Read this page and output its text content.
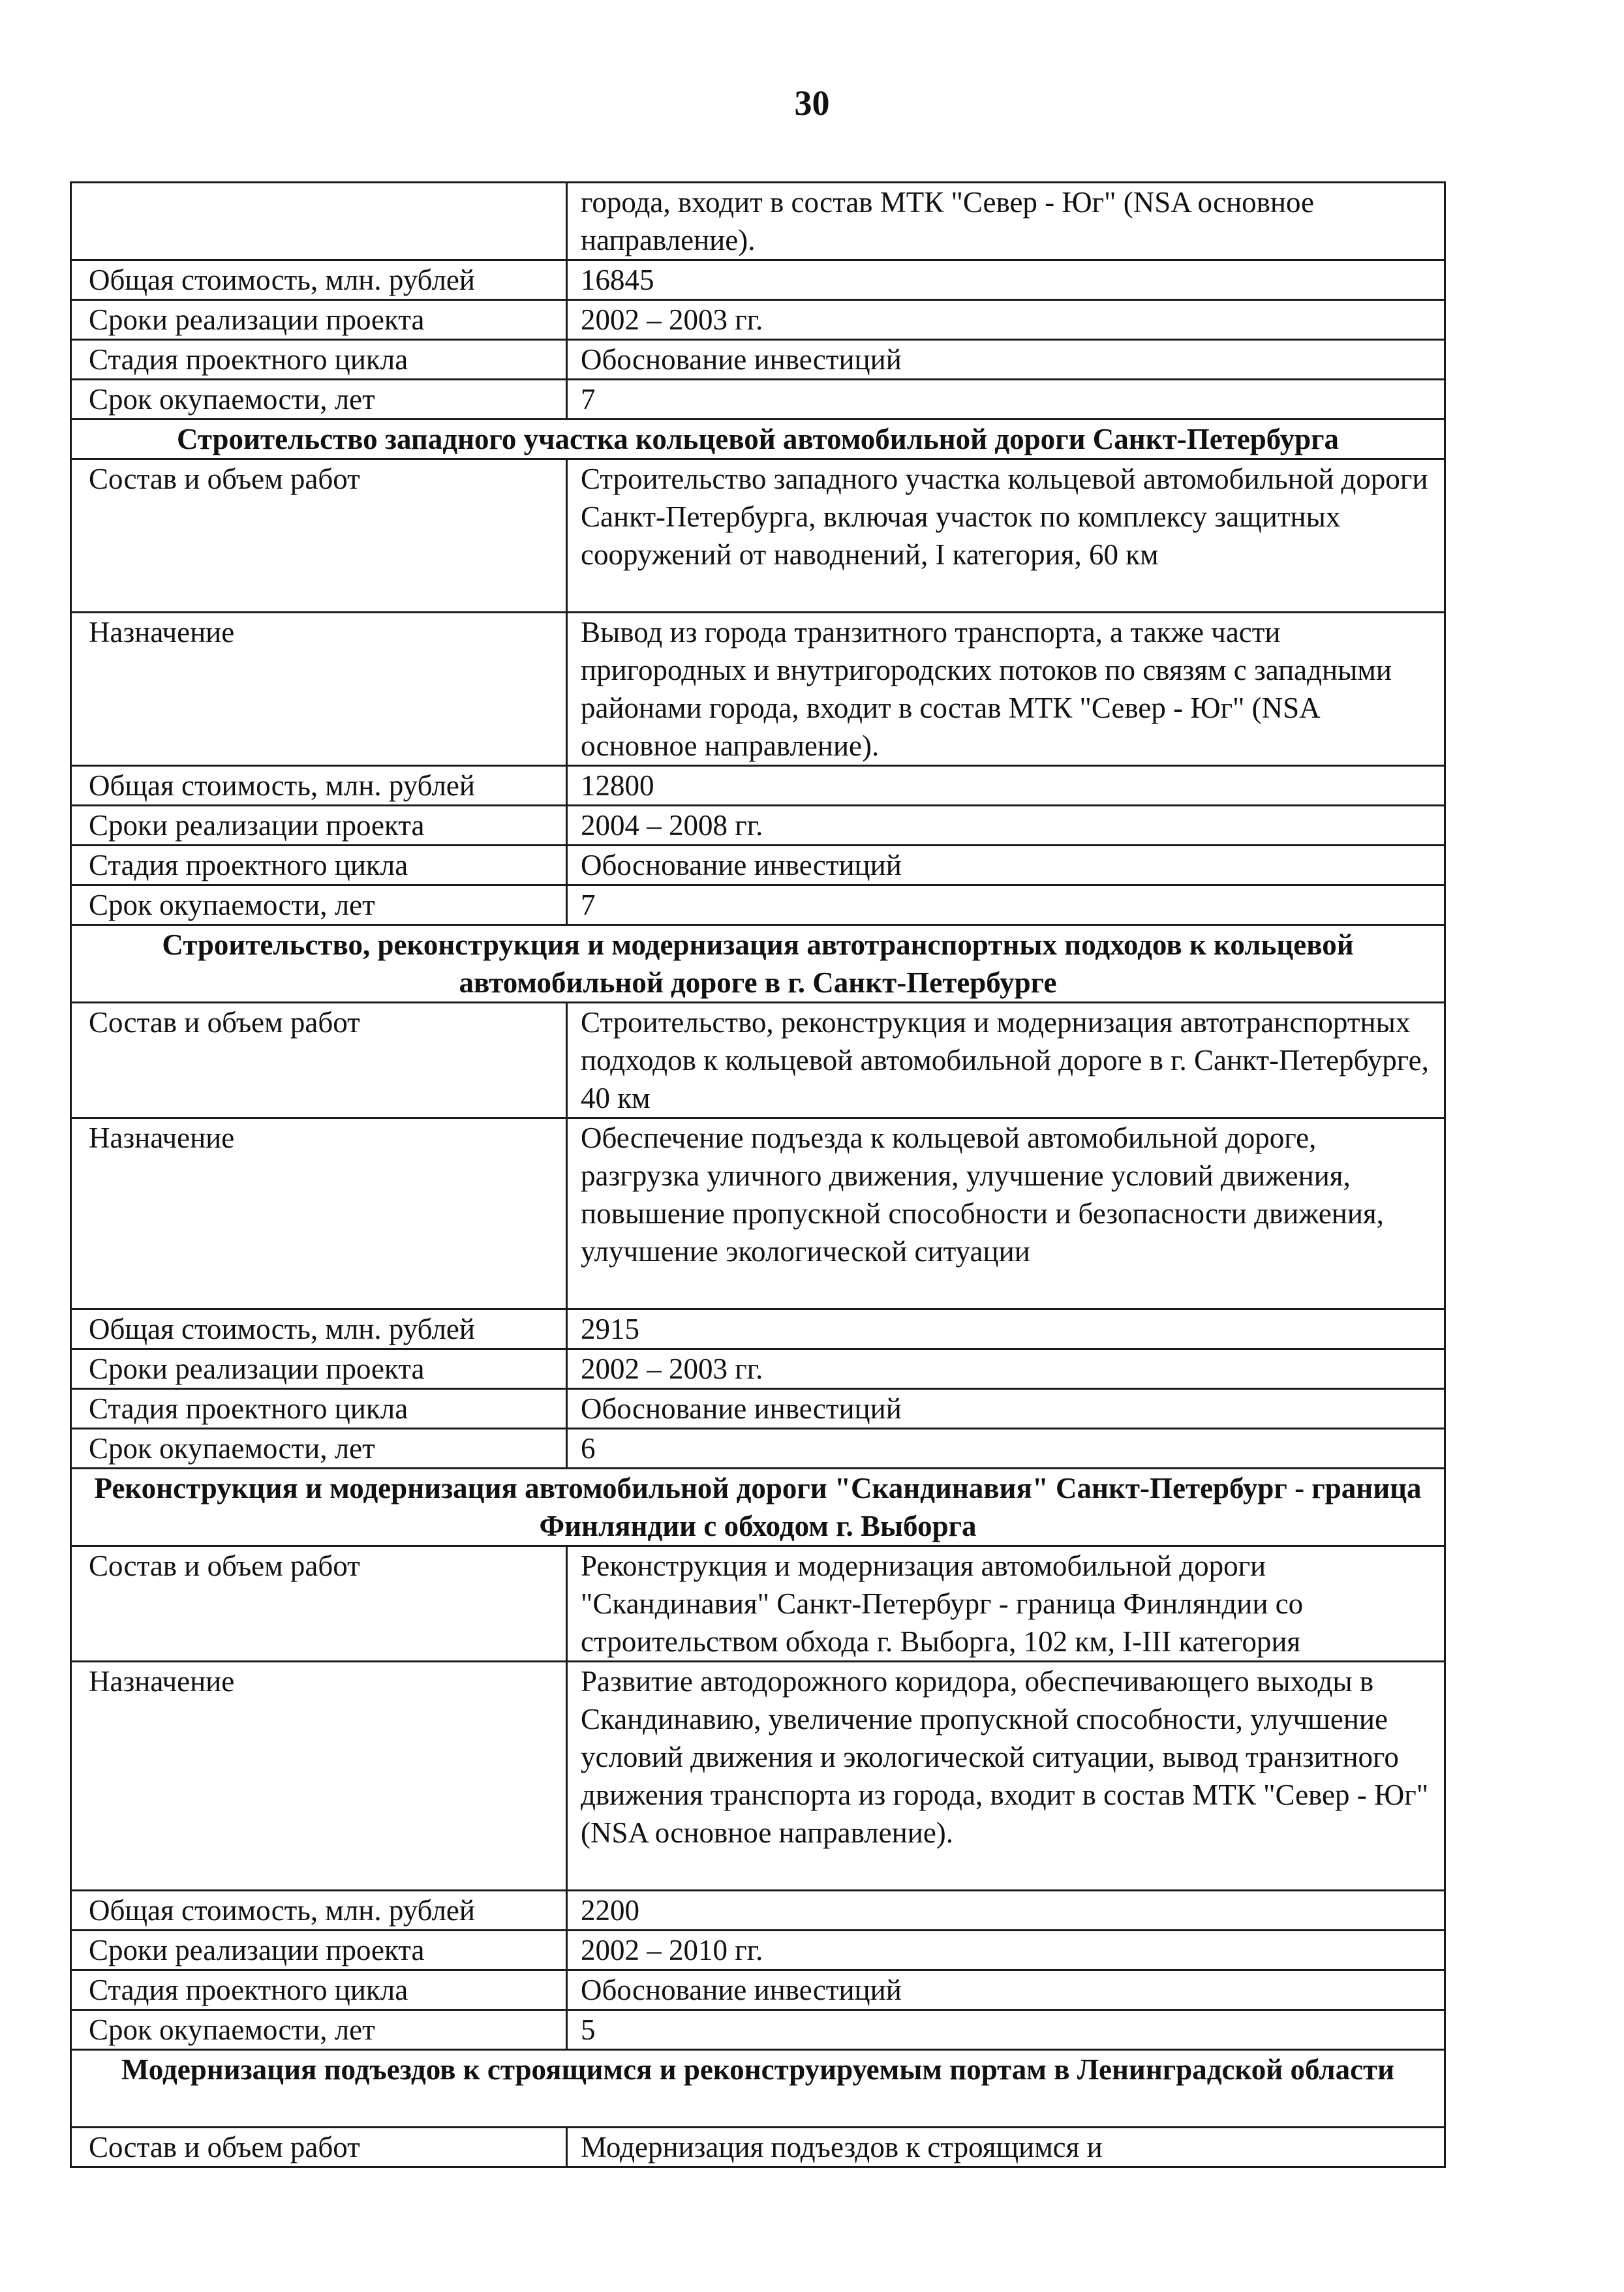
30
	города, входит в состав МТК "Север - Юг" (NSA основное направление).
Общая стоимость, млн. рублей	16845
Сроки реализации проекта	2002 – 2003 гг.
Стадия проектного цикла	Обоснование инвестиций
Срок окупаемости, лет	7
Строительство западного участка кольцевой автомобильной дороги Санкт-Петербурга	
Состав и объем работ	Строительство западного участка кольцевой автомобильной дороги Санкт-Петербурга, включая участок по комплексу защитных сооружений от наводнений, I категория, 60 км
Назначение	Вывод из города транзитного транспорта, а также части пригородных и внутригородских потоков по связям с западными районами города, входит в состав МТК "Север - Юг" (NSA основное направление).
Общая стоимость, млн. рублей	12800
Сроки реализации проекта	2004 – 2008 гг.
Стадия проектного цикла	Обоснование инвестиций
Срок окупаемости, лет	7
Строительство, реконструкция и модернизация автотранспортных подходов к кольцевой автомобильной дороге в г. Санкт-Петербурге	
Состав и объем работ	Строительство, реконструкция и модернизация автотранспортных подходов к кольцевой автомобильной дороге в г. Санкт-Петербурге, 40 км
Назначение	Обеспечение подъезда к кольцевой автомобильной дороге, разгрузка уличного движения, улучшение условий движения, повышение пропускной способности и безопасности движения, улучшение экологической ситуации
Общая стоимость, млн. рублей	2915
Сроки реализации проекта	2002 – 2003 гг.
Стадия проектного цикла	Обоснование инвестиций
Срок окупаемости, лет	6
Реконструкция и модернизация автомобильной дороги "Скандинавия" Санкт-Петербург - граница Финляндии с обходом г. Выборга	
Состав и объем работ	Реконструкция и модернизация автомобильной дороги "Скандинавия" Санкт-Петербург - граница Финляндии со строительством обхода г. Выборга, 102 км, I-III категория
Назначение	Развитие автодорожного коридора, обеспечивающего выходы в Скандинавию, увеличение пропускной способности, улучшение условий движения и экологической ситуации, вывод транзитного движения транспорта из города, входит в состав МТК "Север - Юг" (NSA основное направление).
Общая стоимость, млн. рублей	2200
Сроки реализации проекта	2002 – 2010 гг.
Стадия проектного цикла	Обоснование инвестиций
Срок окупаемости, лет	5
Модернизация подъездов к строящимся и реконструируемым портам в Ленинградской области	
Состав и объем работ	Модернизация подъездов к строящимся и
